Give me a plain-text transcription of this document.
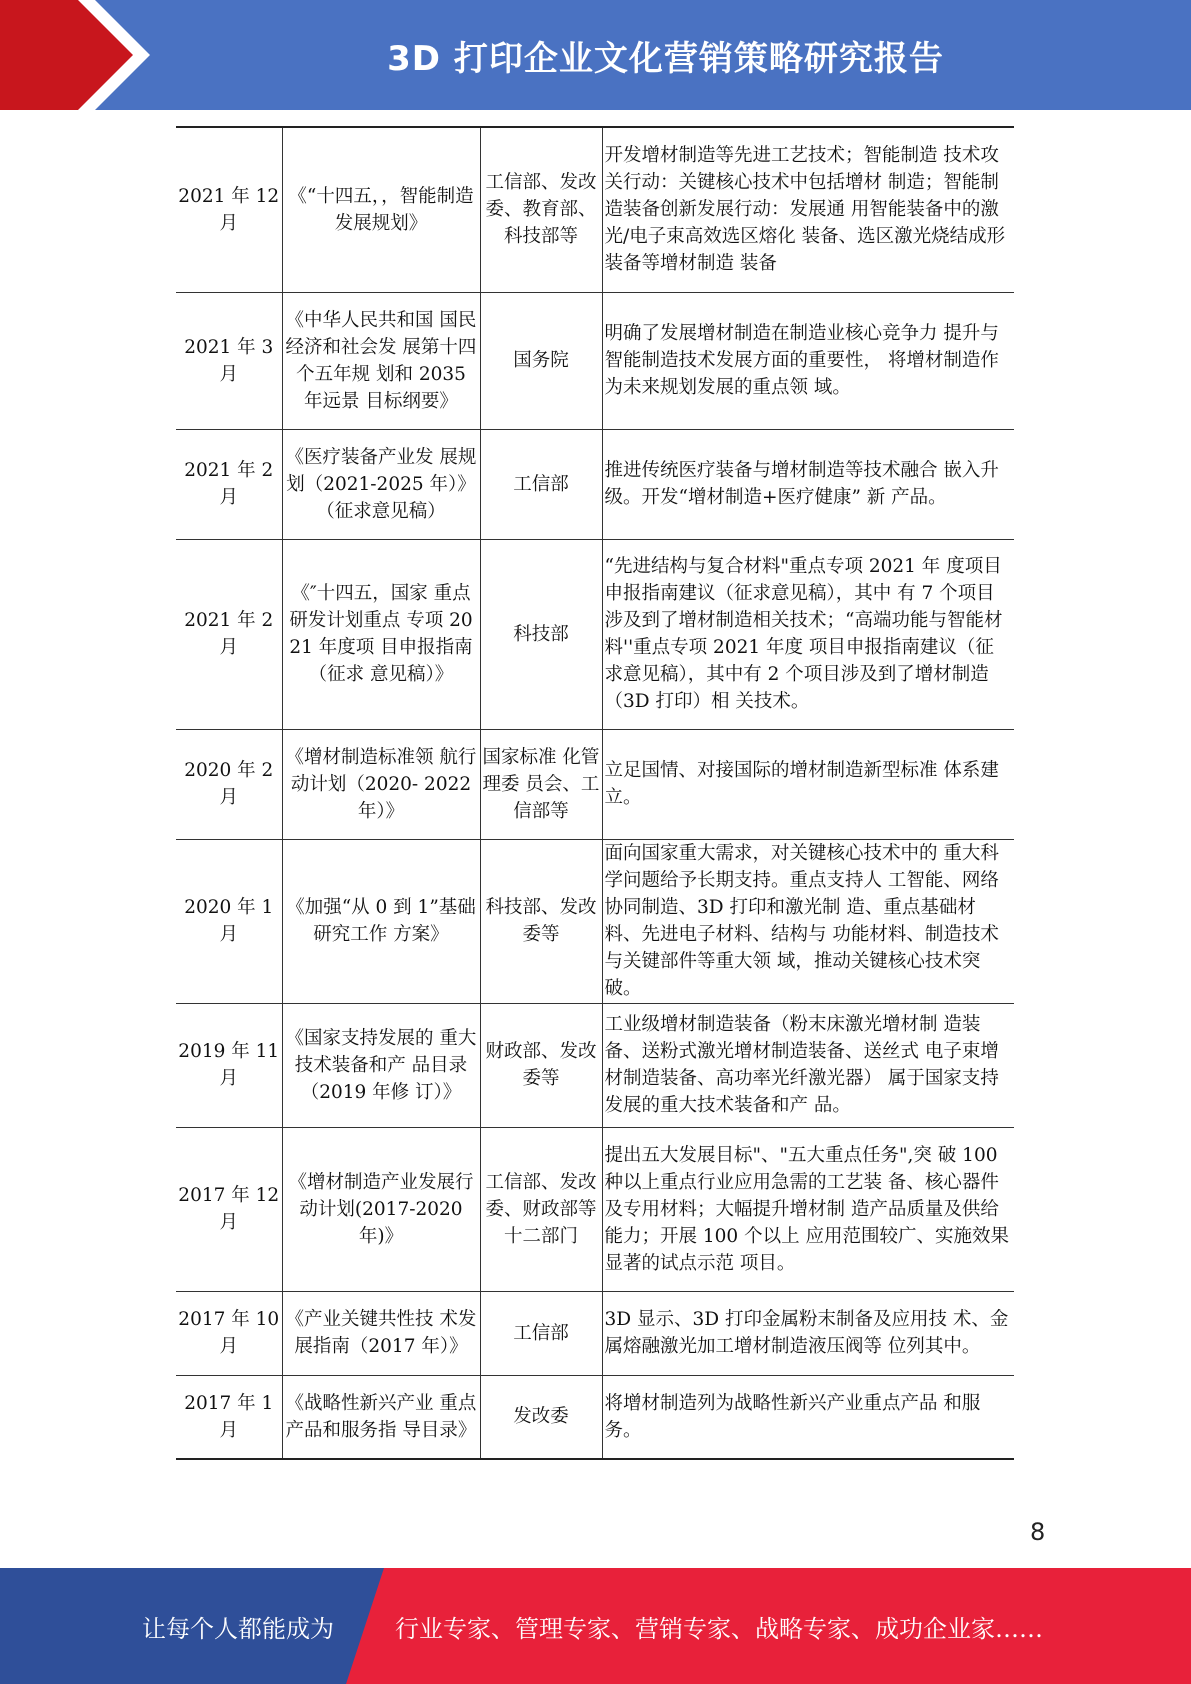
3D 打印企业文化营销策略研究报告
2021 年 12 月	《“十四五，，智能制造发展规划》	工信部、发改委、教育部、科技部等	开发增材制造等先进工艺技术；智能制造 技术攻关行动：关键核心技术中包括增材 制造；智能制造装备创新发展行动：发展通 用智能装备中的激光/电子束高效选区熔化 装备、选区激光烧结成形装备等增材制造 装备
2021 年 3 月	《中华人民共和国 国民经济和社会发 展第十四个五年规 划和 2035 年远景 目标纲要》	国务院	明确了发展增材制造在制造业核心竞争力 提升与智能制造技术发展方面的重要性， 将增材制造作为未来规划发展的重点领 域。
2021 年 2 月	《医疗装备产业发 展规划（2021-2025 年）》（征求意见稿）	工信部	推进传统医疗装备与增材制造等技术融合 嵌入升级。开发“增材制造+医疗健康” 新 产品。
2021 年 2 月	《″十四五，国家 重点研发计划重点 专项 2021 年度项 目申报指南（征求 意见稿）》	科技部	“先进结构与复合材料"重点专项 2021 年 度项目申报指南建议（征求意见稿），其中 有 7 个项目涉及到了增材制造相关技术；“高端功能与智能材料''重点专项 2021 年度 项目申报指南建议（征求意见稿），其中有 2 个项目涉及到了增材制造（3D 打印）相 关技术。
2020 年 2 月	《增材制造标准领 航行动计划（2020- 2022 年）》	国家标准 化管理委 员会、工 信部等	立足国情、对接国际的增材制造新型标准 体系建立。
2020 年 1 月	《加强“从 0 到 1”基础研究工作 方案》	科技部、发改委等	面向国家重大需求，对关键核心技术中的 重大科学问题给予长期支持。重点支持人 工智能、网络协同制造、3D 打印和激光制 造、重点基础材料、先进电子材料、结构与 功能材料、制造技术与关键部件等重大领 域，推动关键核心技术突破。
2019 年 11 月	《国家支持发展的 重大技术装备和产 品目录（2019 年修 订）》	财政部、发改委等	工业级增材制造装备（粉末床激光增材制 造装备、送粉式激光增材制造装备、送丝式 电子束增材制造装备、高功率光纤激光器） 属于国家支持发展的重大技术装备和产 品。
2017 年 12 月	《增材制造产业发展行动计划(2017-2020 年)》	工信部、发改委、财政部等十二部门	提出五大发展目标"、"五大重点任务",突 破 100 种以上重点行业应用急需的工艺装 备、核心器件及专用材料；大幅提升增材制 造产品质量及供给能力；开展 100 个以上 应用范围较广、实施效果显著的试点示范 项目。
2017 年 10 月	《产业关键共性技 术发展指南（2017 年）》	工信部	3D 显示、3D 打印金属粉末制备及应用技 术、金属熔融激光加工增材制造液压阀等 位列其中。
2017 年 1 月	《战略性新兴产业 重点产品和服务指 导目录》	发改委	将增材制造列为战略性新兴产业重点产品 和服务。
8
让每个人都能成为	行业专家、管理专家、营销专家、战略专家、成功企业家……
